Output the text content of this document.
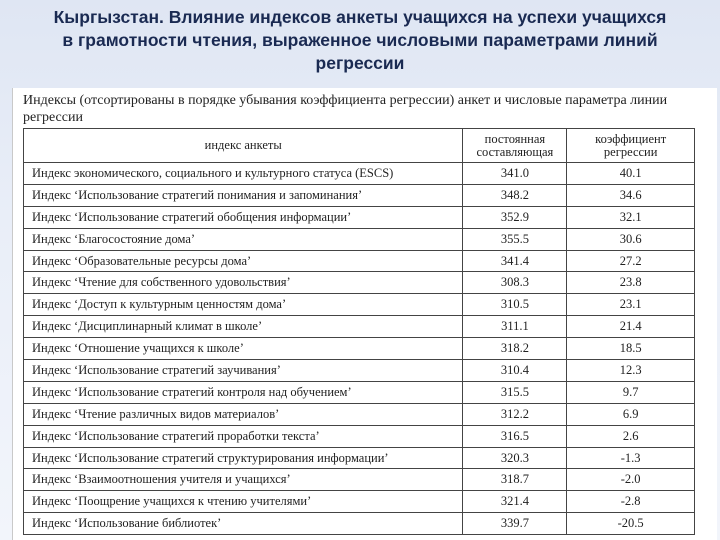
Кыргызстан. Влияние индексов анкеты учащихся на успехи учащихся
в грамотности чтения, выраженное числовыми параметрами линий
регрессии
Индексы (отсортированы в порядке убывания коэффициента регрессии) анкет и числовые параметра линии регрессии
индекс анкеты	постоянная составляющая	коэффициент регрессии
Индекс экономического, социального и культурного статуса (ESCS)	341.0	40.1
Индекс ‘Использование стратегий понимания и запоминания’	348.2	34.6
Индекс ‘Использование стратегий обобщения информации’	352.9	32.1
Индекс ‘Благосостояние дома’	355.5	30.6
Индекс ‘Образовательные ресурсы дома’	341.4	27.2
Индекс ‘Чтение для собственного удовольствия’	308.3	23.8
Индекс ‘Доступ к культурным ценностям дома’	310.5	23.1
Индекс ‘Дисциплинарный климат в школе’	311.1	21.4
Индекс ‘Отношение учащихся к школе’	318.2	18.5
Индекс ‘Использование стратегий заучивания’	310.4	12.3
Индекс ‘Использование стратегий контроля над обучением’	315.5	9.7
Индекс ‘Чтение различных видов материалов’	312.2	6.9
Индекс ‘Использование стратегий проработки текста’	316.5	2.6
Индекс ‘Использование стратегий структурирования информации’	320.3	-1.3
Индекс ‘Взаимоотношения учителя и учащихся’	318.7	-2.0
Индекс ‘Поощрение учащихся к чтению учителями’	321.4	-2.8
Индекс ‘Использование библиотек’	339.7	-20.5
